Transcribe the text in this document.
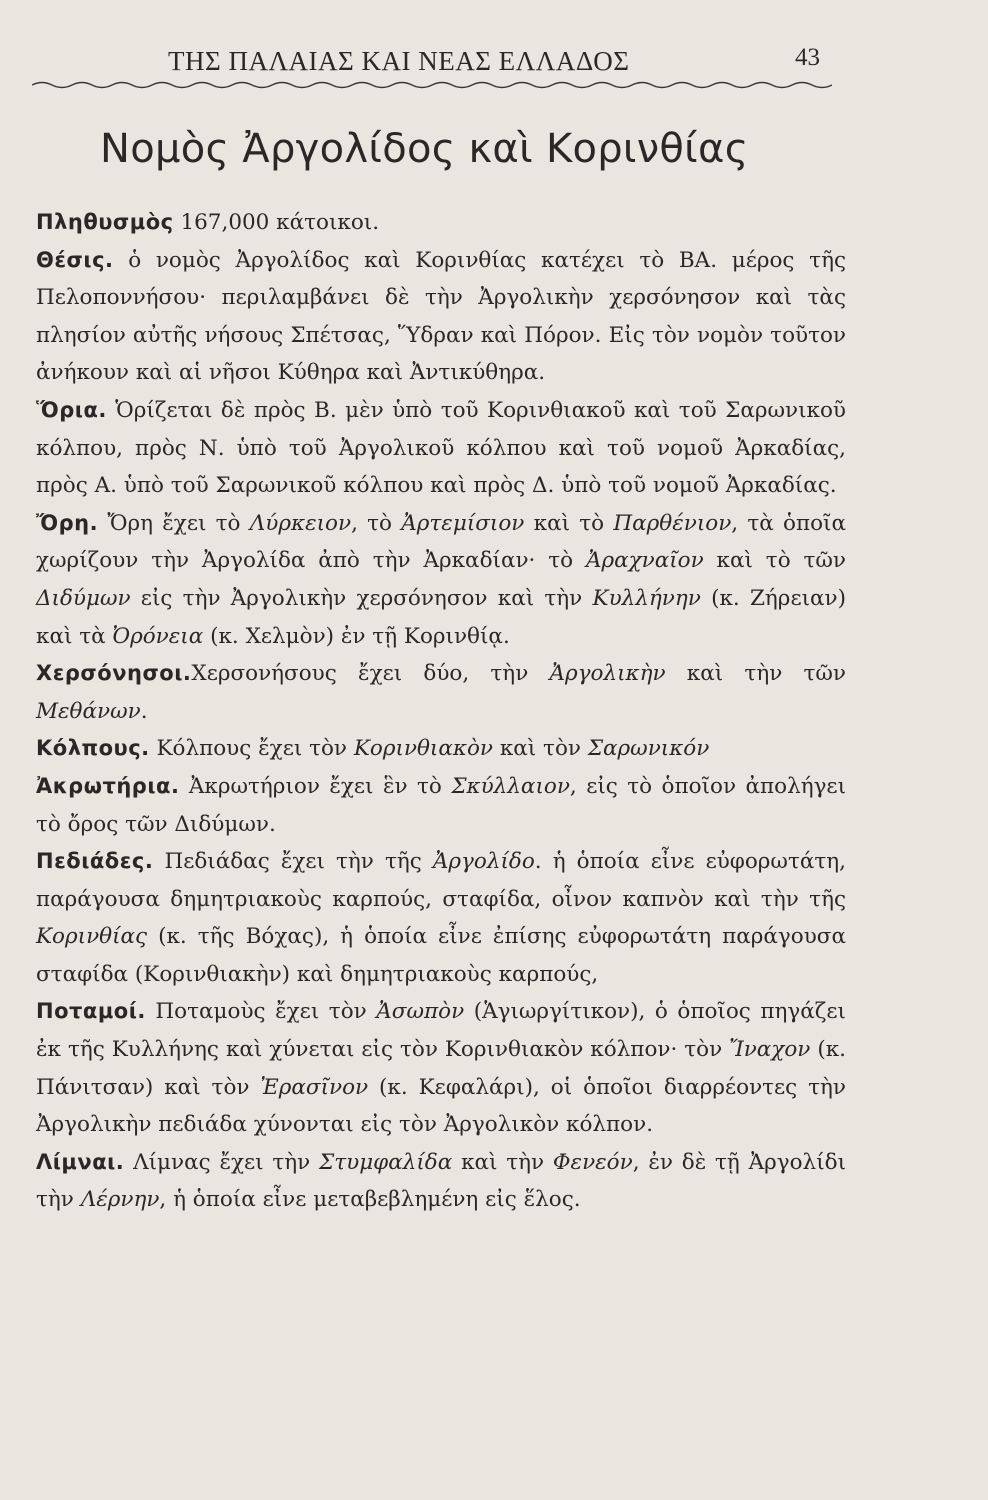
ΤΗΣ ΠΑΛΑΙΑΣ ΚΑΙ ΝΕΑΣ ΕΛΛΑΔΟΣ	43
Νομὸς Ἀργολίδος καὶ Κορινθίας

Πληθυσμὸς 167,000 κάτοικοι.

Θέσις. ὁ νομὸς Ἀργολίδος καὶ Κορινθίας κατέχει τὸ ΒΑ. μέρος τῆς Πελοποννήσου· περιλαμβάνει δὲ τὴν Ἀργολικὴν χερσόνησον καὶ τὰς πλησίον αὐτῆς νήσους Σπέτσας, Ὕδραν καὶ Πόρον. Εἰς τὸν νομὸν τοῦτον ἀνήκουν καὶ αἱ νῆσοι Κύθηρα καὶ Ἀντικύθηρα.

Ὅρια. Ὁρίζεται δὲ πρὸς Β. μὲν ὑπὸ τοῦ Κορινθιακοῦ καὶ τοῦ Σαρωνικοῦ κόλπου, πρὸς Ν. ὑπὸ τοῦ Ἀργολικοῦ κόλπου καὶ τοῦ νομοῦ Ἀρκαδίας, πρὸς Α. ὑπὸ τοῦ Σαρωνικοῦ κόλπου καὶ πρὸς Δ. ὑπὸ τοῦ νομοῦ Ἀρκαδίας.

Ὄρη. Ὄρη ἔχει τὸ Λύρκειον, τὸ Ἀρτεμίσιον καὶ τὸ Παρθένιον, τὰ ὁποῖα χωρίζουν τὴν Ἀργολίδα ἀπὸ τὴν Ἀρκαδίαν· τὸ Ἀραχναῖον καὶ τὸ τῶν Διδύμων εἰς τὴν Ἀργολικὴν χερσόνησον καὶ τὴν Κυλλήνην (κ. Ζήρειαν) καὶ τὰ Ὀρόνεια (κ. Χελμὸν) ἐν τῇ Κορινθίᾳ.

Χερσόνησοι.Χερσονήσους ἔχει δύο, τὴν Ἀργολικὴν καὶ τὴν τῶν Μεθάνων.

Κόλπους. Κόλπους ἔχει τὸν Κορινθιακὸν καὶ τὸν Σαρωνικόν

Ἀκρωτήρια. Ἀκρωτήριον ἔχει ἓν τὸ Σκύλλαιον, εἰς τὸ ὁποῖον ἀπολήγει τὸ ὄρος τῶν Διδύμων.

Πεδιάδες. Πεδιάδας ἔχει τὴν τῆς Ἀργολίδο. ἡ ὁποία εἶνε εὐφορωτάτη, παράγουσα δημητριακοὺς καρπούς, σταφίδα, οἶνον καπνὸν καὶ τὴν τῆς Κορινθίας (κ. τῆς Βόχας), ἡ ὁποία εἶνε ἐπίσης εὐφορωτάτη παράγουσα σταφίδα (Κορινθιακὴν) καὶ δημητριακοὺς καρπούς,

Ποταμοί. Ποταμοὺς ἔχει τὸν Ἀσωπὸν (Ἁγιωργίτικον), ὁ ὁποῖος πηγάζει ἐκ τῆς Κυλλήνης καὶ χύνεται εἰς τὸν Κορινθιακὸν κόλπον· τὸν Ἴναχον (κ. Πάνιτσαν) καὶ τὸν Ἐρασῖνον (κ. Κεφαλάρι), οἱ ὁποῖοι διαρρέοντες τὴν Ἀργολικὴν πεδιάδα χύνονται εἰς τὸν Ἀργολικὸν κόλπον.

Λίμναι. Λίμνας ἔχει τὴν Στυμφαλίδα καὶ τὴν Φενεόν, ἐν δὲ τῇ Ἀργολίδι τὴν Λέρνην, ἡ ὁποία εἶνε μεταβεβλημένη εἰς ἕλος.
